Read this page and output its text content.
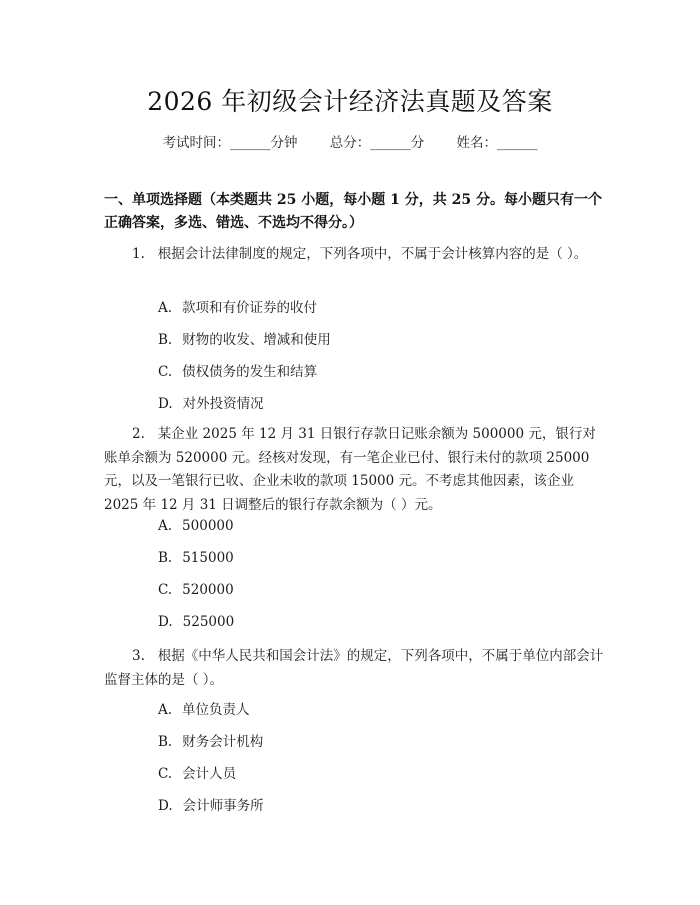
2026 年初级会计经济法真题及答案
考试时间：______分钟 总分：______分 姓名：______
一、单项选择题（本类题共 25 小题，每小题 1 分，共 25 分。每小题只有一个正确答案，多选、错选、不选均不得分。）
1. 根据会计法律制度的规定，下列各项中，不属于会计核算内容的是（ ）。
A. 款项和有价证券的收付
B. 财物的收发、增减和使用
C. 债权债务的发生和结算
D. 对外投资情况
2. 某企业 2025 年 12 月 31 日银行存款日记账余额为 500000 元，银行对账单余额为 520000 元。经核对发现，有一笔企业已付、银行未付的款项 25000 元，以及一笔银行已收、企业未收的款项 15000 元。不考虑其他因素，该企业 2025 年 12 月 31 日调整后的银行存款余额为（ ）元。
A. 500000
B. 515000
C. 520000
D. 525000
3. 根据《中华人民共和国会计法》的规定，下列各项中，不属于单位内部会计监督主体的是（ ）。
A. 单位负责人
B. 财务会计机构
C. 会计人员
D. 会计师事务所
